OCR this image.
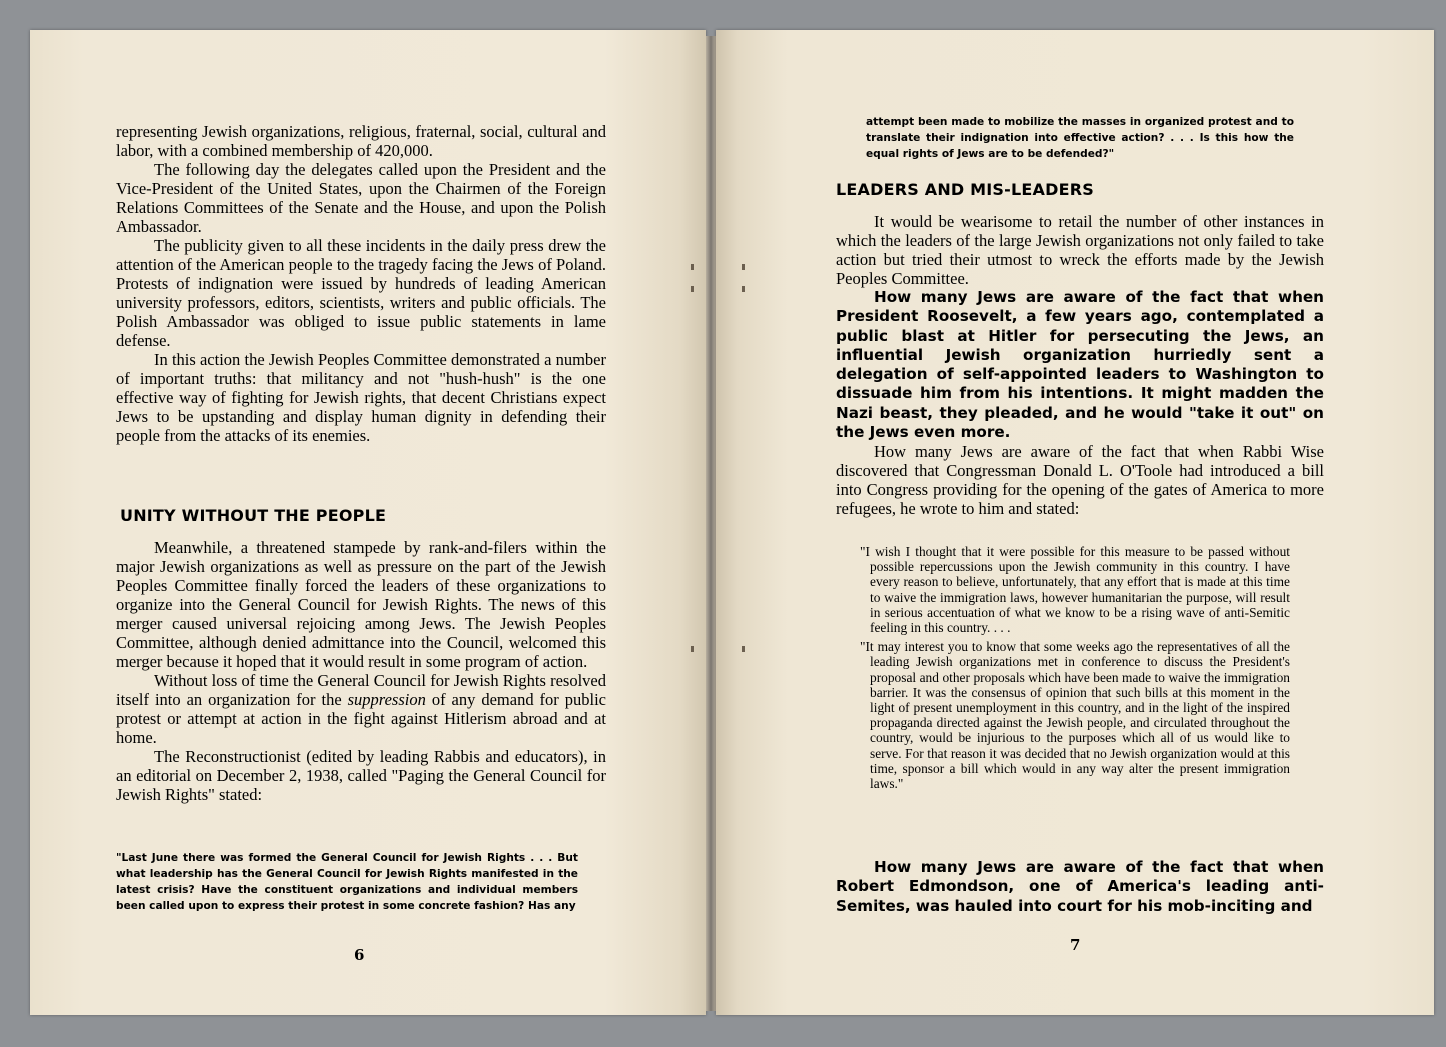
representing Jewish organizations, religious, fraternal, social, cultural and labor, with a combined membership of 420,000.

The following day the delegates called upon the President and the Vice-President of the United States, upon the Chairmen of the Foreign Relations Committees of the Senate and the House, and upon the Polish Ambassador.

The publicity given to all these incidents in the daily press drew the attention of the American people to the tragedy facing the Jews of Poland. Protests of indignation were issued by hundreds of leading American university professors, editors, scientists, writers and public officials. The Polish Ambassador was obliged to issue public statements in lame defense.

In this action the Jewish Peoples Committee demonstrated a number of important truths: that militancy and not "hush-hush" is the one effective way of fighting for Jewish rights, that decent Christians expect Jews to be upstanding and display human dignity in defending their people from the attacks of its enemies.

UNITY WITHOUT THE PEOPLE

Meanwhile, a threatened stampede by rank-and-filers within the major Jewish organizations as well as pressure on the part of the Jewish Peoples Committee finally forced the leaders of these organizations to organize into the General Council for Jewish Rights. The news of this merger caused universal rejoicing among Jews. The Jewish Peoples Committee, although denied admittance into the Council, welcomed this merger because it hoped that it would result in some program of action.

Without loss of time the General Council for Jewish Rights resolved itself into an organization for the suppression of any demand for public protest or attempt at action in the fight against Hitlerism abroad and at home.

The Reconstructionist (edited by leading Rabbis and educators), in an editorial on December 2, 1938, called "Paging the General Council for Jewish Rights" stated:

"Last June there was formed the General Council for Jewish Rights . . . But what leadership has the General Council for Jewish Rights manifested in the latest crisis? Have the constituent organizations and individual members been called upon to express their protest in some concrete fashion? Has any
6
attempt been made to mobilize the masses in organized protest and to translate their indignation into effective action? . . . Is this how the equal rights of Jews are to be defended?"
LEADERS AND MIS-LEADERS

It would be wearisome to retail the number of other instances in which the leaders of the large Jewish organizations not only failed to take action but tried their utmost to wreck the efforts made by the Jewish Peoples Committee.

How many Jews are aware of the fact that when President Roosevelt, a few years ago, contemplated a public blast at Hitler for persecuting the Jews, an influential Jewish organization hurriedly sent a delegation of self-appointed leaders to Washington to dissuade him from his intentions. It might madden the Nazi beast, they pleaded, and he would "take it out" on the Jews even more.

How many Jews are aware of the fact that when Rabbi Wise discovered that Congressman Donald L. O'Toole had introduced a bill into Congress providing for the opening of the gates of America to more refugees, he wrote to him and stated:

"I wish I thought that it were possible for this measure to be passed without possible repercussions upon the Jewish community in this country. I have every reason to believe, unfortunately, that any effort that is made at this time to waive the immigration laws, however humanitarian the purpose, will result in serious accentuation of what we know to be a rising wave of anti-Semitic feeling in this country. . . .

"It may interest you to know that some weeks ago the representatives of all the leading Jewish organizations met in conference to discuss the President's proposal and other proposals which have been made to waive the immigration barrier. It was the consensus of opinion that such bills at this moment in the light of present unemployment in this country, and in the light of the inspired propaganda directed against the Jewish people, and circulated throughout the country, would be injurious to the purposes which all of us would like to serve. For that reason it was decided that no Jewish organization would at this time, sponsor a bill which would in any way alter the present immigration laws."

How many Jews are aware of the fact that when Robert Edmondson, one of America's leading anti-Semites, was hauled into court for his mob-inciting and

7
